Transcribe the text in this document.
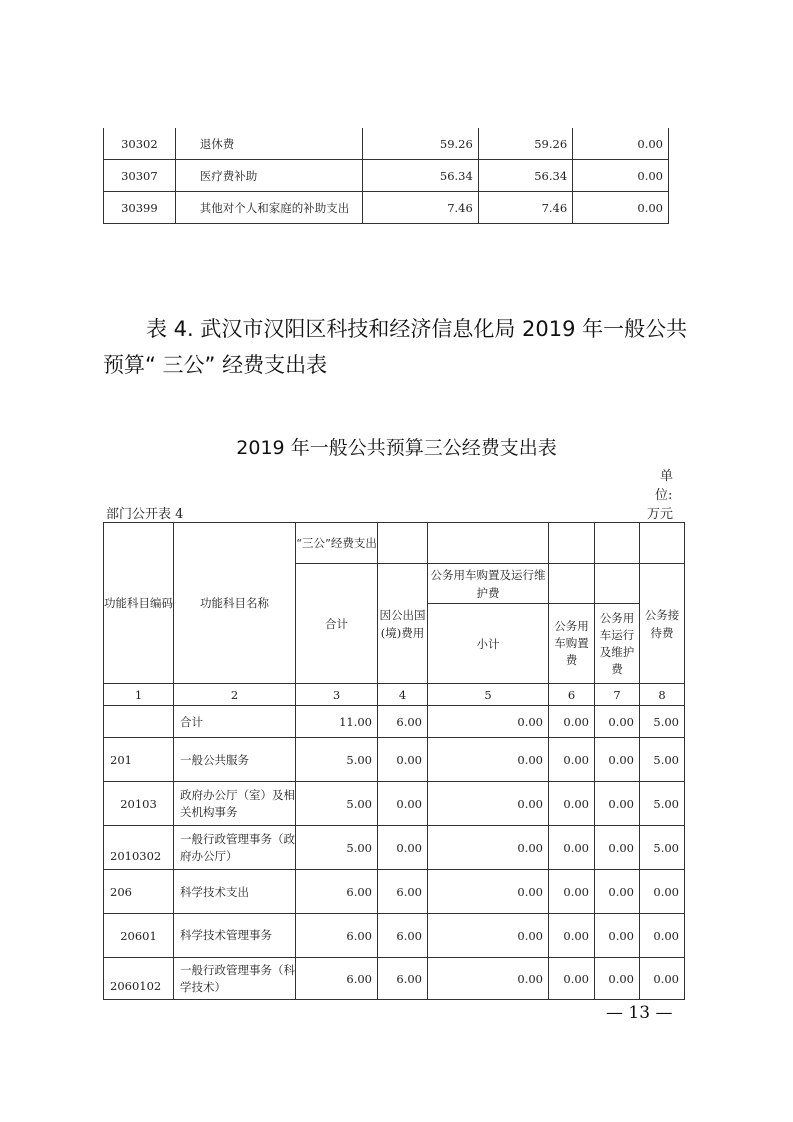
30302	退休费	59.26	59.26	0.00
30307	医疗费补助	56.34	56.34	0.00
30399	其他对个人和家庭的补助支出	7.46	7.46	0.00
表 4. 武汉市汉阳区科技和经济信息化局 2019 年一般公共
预算“ 三公” 经费支出表
2019 年一般公共预算三公经费支出表
单
位:
万元
部门公开表 4
功能科目编码	功能科目名称	“三公”经费支出					
		合计	因公出国(境)费用	公务用车购置及运行维护费			公务接待费
				小计	公务用车购置费	公务用车运行及维护费	
1	2	3	4	5	6	7	8
	合计	11.00	6.00	0.00	0.00	0.00	5.00
201	一般公共服务	5.00	0.00	0.00	0.00	0.00	5.00
20103	政府办公厅（室）及相关机构事务	5.00	0.00	0.00	0.00	0.00	5.00
2010302	一般行政管理事务（政府办公厅）	5.00	0.00	0.00	0.00	0.00	5.00
206	科学技术支出	6.00	6.00	0.00	0.00	0.00	0.00
20601	科学技术管理事务	6.00	6.00	0.00	0.00	0.00	0.00
2060102	一般行政管理事务（科学技术）	6.00	6.00	0.00	0.00	0.00	0.00
— 13 —
